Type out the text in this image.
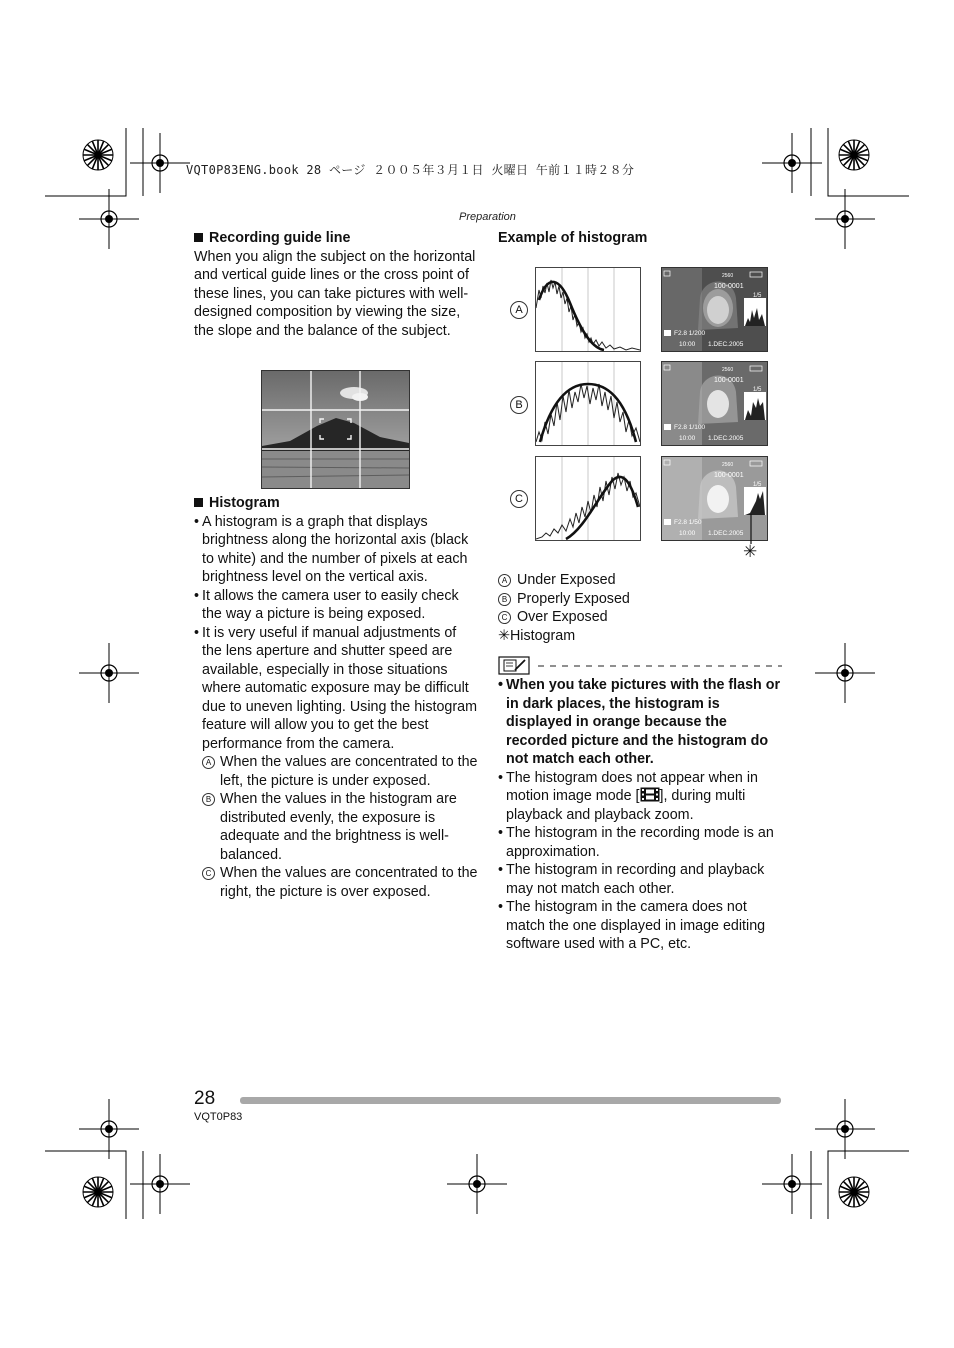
VQT0P83ENG.book 28 ページ ２００５年３月１日 火曜日 午前１１時２８分
Preparation

Recording guide line

When you align the subject on the horizontal and vertical guide lines or the cross point of these lines, you can take pictures with well-designed composition by viewing the size, the slope and the balance of the subject.

Histogram

• A histogram is a graph that displays brightness along the horizontal axis (black to white) and the number of pixels at each brightness level on the vertical axis.
• It allows the camera user to easily check the way a picture is being exposed.
• It is very useful if manual adjustments of the lens aperture and shutter speed are available, especially in those situations where automatic exposure may be difficult due to uneven lighting. Using the histogram feature will allow you to get the best performance from the camera.
A When the values are concentrated to the left, the picture is under exposed.
B When the values in the histogram are distributed evenly, the exposure is adequate and the brightness is well-balanced.
C When the values are concentrated to the right, the picture is over exposed.

Example of histogram

A
B
C
2560
100-0001
1/5
F2.8 1/200
10:00 1.DEC.2005
2560
100-0001
1/5
F2.8 1/100
10:00 1.DEC.2005
2560
100-0001
1/5
F2.8 1/50
10:00 1.DEC.2005
✳
A Under Exposed
B Properly Exposed
C Over Exposed
✳Histogram
• When you take pictures with the flash or in dark places, the histogram is displayed in orange because the recorded picture and the histogram do not match each other.
• The histogram does not appear when in motion image mode [ ], during multi playback and playback zoom.
• The histogram in the recording mode is an approximation.
• The histogram in recording and playback may not match each other.
• The histogram in the camera does not match the one displayed in image editing software used with a PC, etc.
28
VQT0P83
